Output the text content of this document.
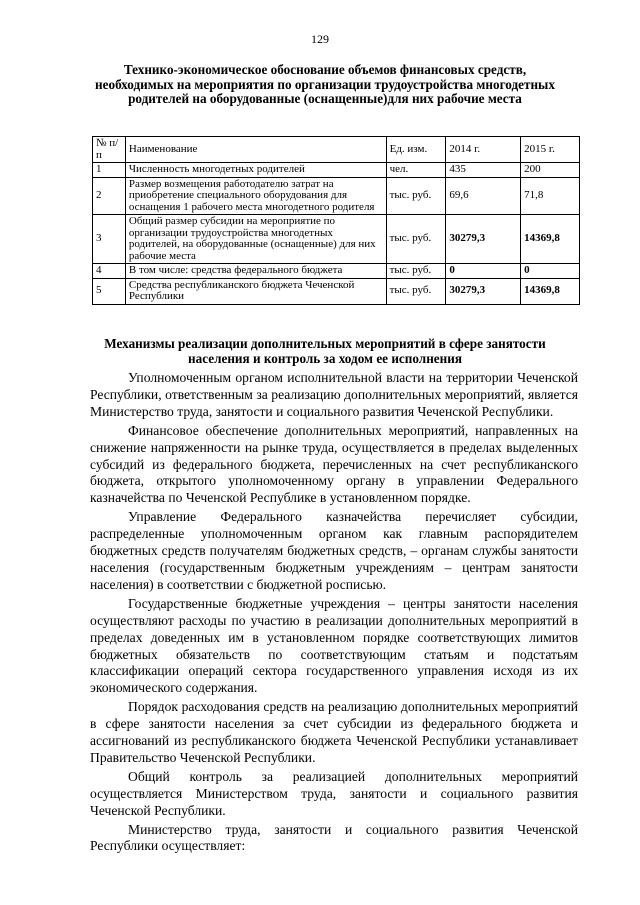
129
Технико-экономическое обоснование объемов финансовых средств, необходимых на мероприятия по организации трудоустройства многодетных родителей на оборудованные (оснащенные)для них рабочие места
№ п/п	Наименование	Ед. изм.	2014 г.	2015 г.
1	Численность многодетных родителей	чел.	435	200
2	Размер возмещения работодателю затрат на приобретение специального оборудования для оснащения 1 рабочего места многодетного родителя	тыс. руб.	69,6	71,8
3	Общий размер субсидии на мероприятие по организации трудоустройства многодетных родителей, на оборудованные (оснащенные) для них рабочие места	тыс. руб.	30279,3	14369,8
4	В том числе: средства федерального бюджета	тыс. руб.	0	0
5	Средства республиканского бюджета Чеченской Республики	тыс. руб.	30279,3	14369,8
Механизмы реализации дополнительных мероприятий в сфере занятости населения и контроль за ходом ее исполнения

Уполномоченным органом исполнительной власти на территории Чеченской Республики, ответственным за реализацию дополнительных мероприятий, является Министерство труда, занятости и социального развития Чеченской Республики.

Финансовое обеспечение дополнительных мероприятий, направленных на снижение напряженности на рынке труда, осуществляется в пределах выделенных субсидий из федерального бюджета, перечисленных на счет республиканского бюджета, открытого уполномоченному органу в управлении Федерального казначейства по Чеченской Республике в установленном порядке.

Управление Федерального казначейства перечисляет субсидии, распределенные уполномоченным органом как главным распорядителем бюджетных средств получателям бюджетных средств, – органам службы занятости населения (государственным бюджетным учреждениям – центрам занятости населения) в соответствии с бюджетной росписью.

Государственные бюджетные учреждения – центры занятости населения осуществляют расходы по участию в реализации дополнительных мероприятий в пределах доведенных им в установленном порядке соответствующих лимитов бюджетных обязательств по соответствующим статьям и подстатьям классификации операций сектора государственного управления исходя из их экономического содержания.

Порядок расходования средств на реализацию дополнительных мероприятий в сфере занятости населения за счет субсидии из федерального бюджета и ассигнований из республиканского бюджета Чеченской Республики устанавливает Правительство Чеченской Республики.

Общий контроль за реализацией дополнительных мероприятий осуществляется Министерством труда, занятости и социального развития Чеченской Республики.

Министерство труда, занятости и социального развития Чеченской Республики осуществляет:
